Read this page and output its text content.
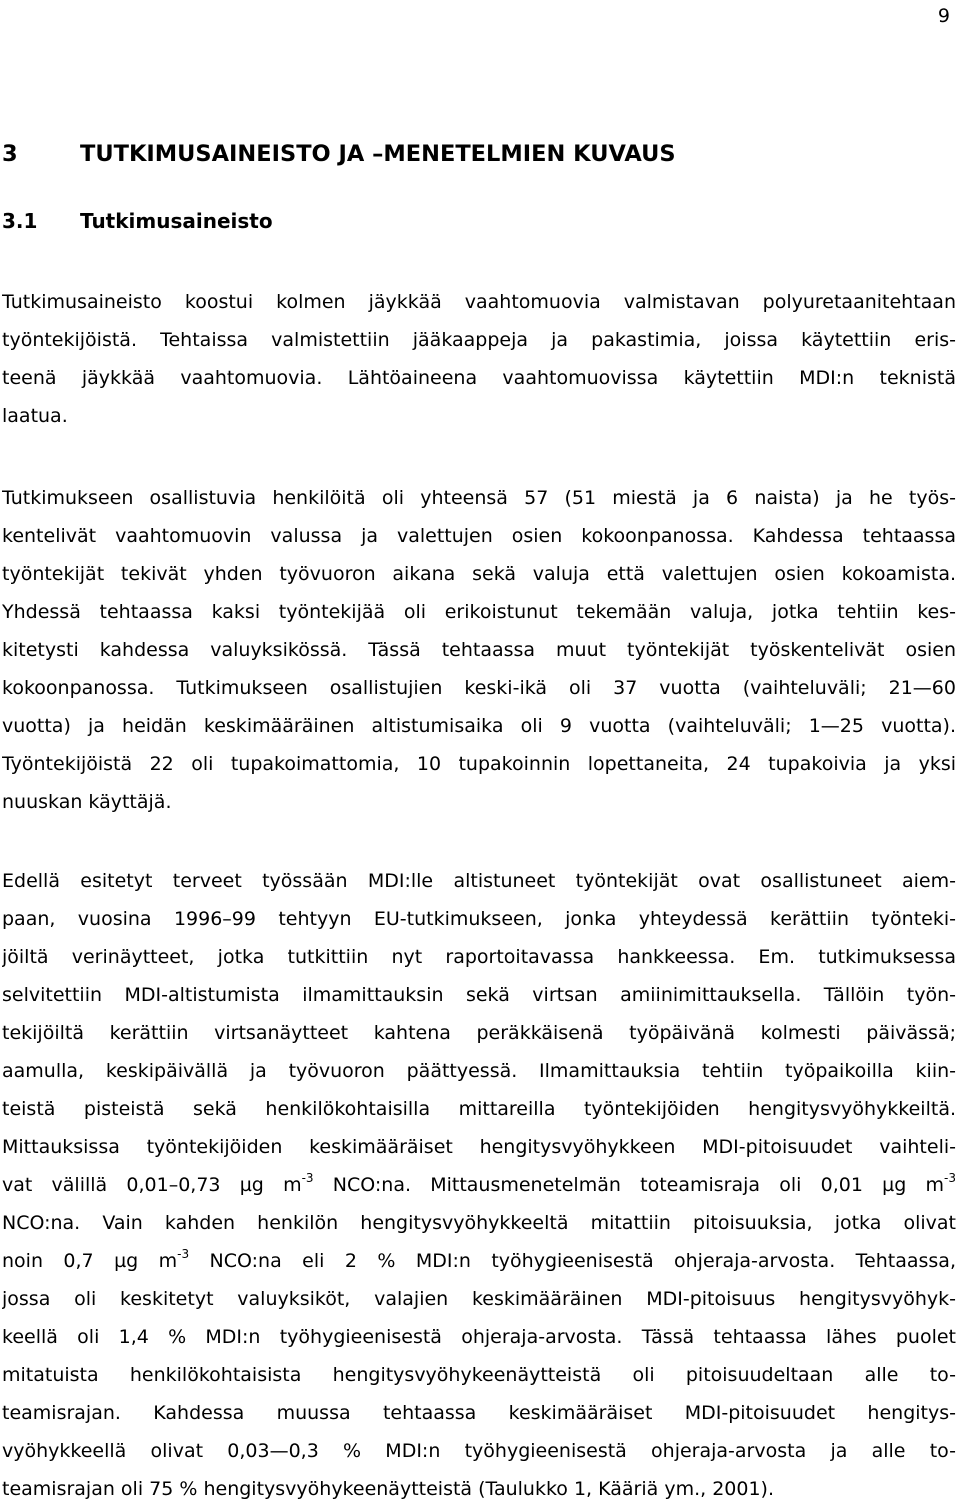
9
3	TUTKIMUSAINEISTO JA –MENETELMIEN KUVAUS
3.1 Tutkimusaineisto
Tutkimusaineisto koostui kolmen jäykkää vaahtomuovia valmistavan polyuretaanitehtaan
työntekijöistä. Tehtaissa valmistettiin jääkaappeja ja pakastimia, joissa käytettiin eris-
teenä jäykkää vaahtomuovia. Lähtöaineena vaahtomuovissa käytettiin MDI:n teknistä
laatua.
Tutkimukseen osallistuvia henkilöitä oli yhteensä 57 (51 miestä ja 6 naista) ja he työs-
kentelivät vaahtomuovin valussa ja valettujen osien kokoonpanossa. Kahdessa tehtaassa
työntekijät tekivät yhden työvuoron aikana sekä valuja että valettujen osien kokoamista.
Yhdessä tehtaassa kaksi työntekijää oli erikoistunut tekemään valuja, jotka tehtiin kes-
kitetysti kahdessa valuyksikössä. Tässä tehtaassa muut työntekijät työskentelivät osien
kokoonpanossa. Tutkimukseen osallistujien keski-ikä oli 37 vuotta (vaihteluväli; 21—60
vuotta) ja heidän keskimääräinen altistumisaika oli 9 vuotta (vaihteluväli; 1—25 vuotta).
Työntekijöistä 22 oli tupakoimattomia, 10 tupakoinnin lopettaneita, 24 tupakoivia ja yksi
nuuskan käyttäjä.
Edellä esitetyt terveet työssään MDI:lle altistuneet työntekijät ovat osallistuneet aiem-
paan, vuosina 1996–99 tehtyyn EU-tutkimukseen, jonka yhteydessä kerättiin työnteki-
jöiltä verinäytteet, jotka tutkittiin nyt raportoitavassa hankkeessa. Em. tutkimuksessa
selvitettiin MDI-altistumista ilmamittauksin sekä virtsan amiinimittauksella. Tällöin työn-
tekijöiltä kerättiin virtsanäytteet kahtena peräkkäisenä työpäivänä kolmesti päivässä;
aamulla, keskipäivällä ja työvuoron päättyessä. Ilmamittauksia tehtiin työpaikoilla kiin-
teistä pisteistä sekä henkilökohtaisilla mittareilla työntekijöiden hengitysvyöhykkeiltä.
Mittauksissa työntekijöiden keskimääräiset hengitysvyöhykkeen MDI-pitoisuudet vaihteli-
vat välillä 0,01–0,73 µg $m^{-3}$ NCO:na. Mittausmenetelmän toteamisraja oli 0,01 µg $m^{-3}$
NCO:na. Vain kahden henkilön hengitysvyöhykkeeltä mitattiin pitoisuuksia, jotka olivat
noin 0,7 µg $m^{-3}$ NCO:na eli 2 % MDI:n työhygieenisestä ohjeraja-arvosta. Tehtaassa,
jossa oli keskitetyt valuyksiköt, valajien keskimääräinen MDI-pitoisuus hengitysvyöhyk-
keellä oli 1,4 % MDI:n työhygieenisestä ohjeraja-arvosta. Tässä tehtaassa lähes puolet
mitatuista henkilökohtaisista hengitysvyöhykeenäytteistä oli pitoisuudeltaan alle to-
teamisrajan. Kahdessa muussa tehtaassa keskimääräiset MDI-pitoisuudet hengitys-
vyöhykkeellä olivat 0,03—0,3 % MDI:n työhygieenisestä ohjeraja-arvosta ja alle to-
teamisrajan oli 75 % hengitysvyöhykeenäytteistä (Taulukko 1, Kääriä ym., 2001).
